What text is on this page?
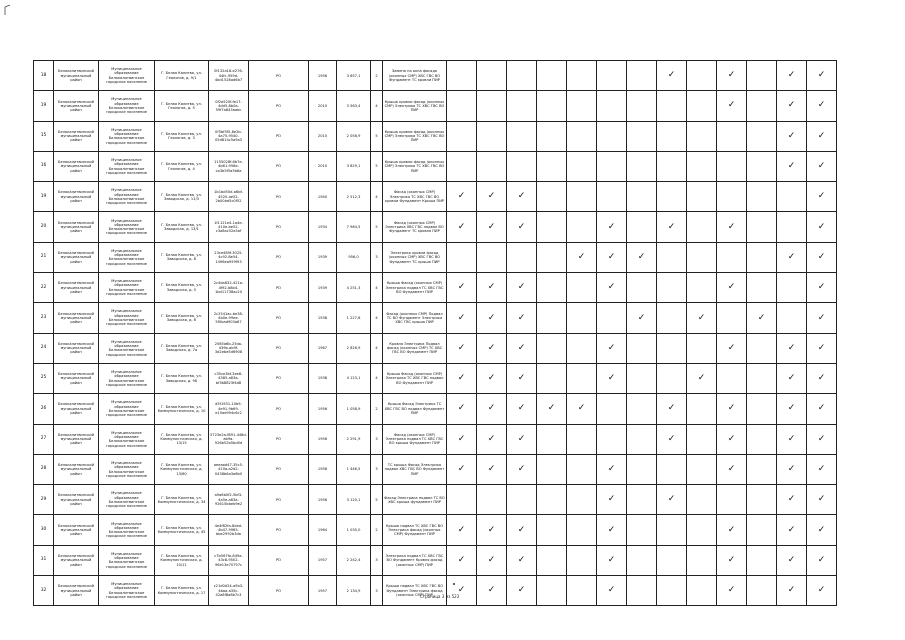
18	Белокалитвинский муниципальный район	Муниципальное образование Белокалитвинское городское поселение	Г. Белая Калитва, ул. Геологов, д. 9/1	0f132a18-e276-44fc-959d-4bd1528ad6b7	РО	1956	3 657,1	2	Замена на окна фасада (оконных СМР) ХВС ГВС ВО Фундамент ТС кровли ПИР								✓		✓		✓	✓
19	Белокалитвинский муниципальный район	Муниципальное образование Белокалитвинское городское поселение	Г. Белая Калитва, ул. Геологов, д. 5	0f2a520f-fe17-4dd5-8b0a-59f7a845aabc	РО	2010	3 563,4	4	Крыша кровли фасад (оконных СМР) Электрика ТС ХВС ГВС ВО ПИР										✓		✓	✓
15	Белокалитвинский муниципальный район	Муниципальное образование Белокалитвинское городское поселение	Г. Белая Калитва, ул. Геологов, д. 3	0f5bf3f5-8e2b-4a75-9540-05d814c5a9a3	РО	2010	2 058,9	5	Крыша кровли фасад (оконных СМР) Электрика ТС ХВС ГВС ВО ПИР												✓	✓
16	Белокалитвинский муниципальный район	Муниципальное образование Белокалитвинское городское поселение	Г. Белая Калитва, ул. Геологов, д. 4	1155028f-6b7e-4b61-958e-ca3b5f5a5b8a	РО	2010	3 829,1	5	Крыша кровли фасад (оконных СМР) Электрика ТС ХВС ГВС ВО ПИР												✓	✓
19	Белокалитвинский муниципальный район	Муниципальное образование Белокалитвинское городское поселение	Г. Белая Калитва, ул. Заводская, д. 11/3	1b1bd50d-a6bf-4520-ae52-2b00bd5c0f52	РО	1940	2 512,3	4	Фасад (оконных СМР) Электрика ТС ХВС ГВС ВО кровли Фундамент Крыша ПИР	✓	✓	✓										✓
20	Белокалитвинский муниципальный район	Муниципальное образование Белокалитвинское городское поселение	Г. Белая Калитва, ул. Заводская, д. 13/1	1f1121e4-1a4e-410e-be52-c3a8ac52a5af	РО	1934	7 964,5	5	Фасад (оконных СМР) Электрика ХВС ГВС подвал ВО Фундамент ТС кровля ПИР	✓	✓	✓			✓		✓		✓			✓
21	Белокалитвинский муниципальный район	Муниципальное образование Белокалитвинское городское поселение	Г. Белая Калитва, ул. Заводская, д. 8	23ce489f-3025-4c92-8e54-1496ea959f93	РО	1939	956,0	3	Электрика кровли фасад (оконных СМР) ХВС ГВС ВО Фундамент ТС крыша ПИР					✓	✓	✓					✓	✓
22	Белокалитвинский муниципальный район	Муниципальное образование Белокалитвинское городское поселение	Г. Белая Калитва, ул. Заводская, д. 5	2c4da632-421a-4f92-b8b4-1bd11738ac20	РО	1939	4 251,3	4	Крыша Фасад (оконных СМР) Электрика подвал ТС ХВС ГВС ВО Фундамент ПИР	✓	✓	✓			✓				✓			✓
23	Белокалитвинский муниципальный район	Муниципальное образование Белокалитвинское городское поселение	Г. Белая Калитва, ул. Заводская, д. 6	2c2541ac-be38-4b0e-99ee-5f0bad903a67	РО	1938	1 227,8	4	Фасад (оконных СМР) Подвал ТС ВО Фундамент Электрика ХВС ГВС крыша ПИР	✓	✓	✓				✓		✓		✓		✓
24	Белокалитвинский муниципальный район	Муниципальное образование Белокалитвинское городское поселение	Г. Белая Калитва, ул. Заводская, д. 7а	2565a6b-25da-439b-ab9f-3d2ebe5d6908	РО	1967	2 826,9	4	Кровля Электрика Подвал фасад (оконных СМР) ТС ХВС ГВС ВО Фундамент ПИР	✓	✓	✓			✓				✓		✓	✓
25	Белокалитвинский муниципальный район	Муниципальное образование Белокалитвинское городское поселение	Г. Белая Калитва, ул. Заводская, д. 9Б	c35ce3bf-3ee8-4385-a83a-bf3b8823f4d8	РО	1938	4 123,1	4	Крыша Фасад (оконных СМР) Электрика ТС ХВС ГВС подвал ВО Фундамент ПИР	✓	✓	✓			✓			✓			✓	✓
26	Белокалитвинский муниципальный район	Муниципальное образование Белокалитвинское городское поселение	Г. Белая Калитва, ул. Коммунистическая, д. 10	d5f1931-10b9-4e91-9b69-e15ae994c6c2	РО	1956	1 058,9	2	Крыша Фасад Электрика ТС ХВС ГВС ВО подвал Фундамент ПИР	✓	✓	✓	✓	✓			✓		✓		✓	✓
27	Белокалитвинский муниципальный район	Муниципальное образование Белокалитвинское городское поселение	Г. Белая Калитва, ул. Коммунистическая, д. 13/15	5723e2a-f891-448d-ab9a-926b52b5bd0d	РО	1956	2 291,9	3	Фасад (оконных СМР) Электрика подвал ТС ХВС ГВС ВО крыша Фундамент ПИР	✓	✓	✓					✓		✓		✓	✓
28	Белокалитвинский муниципальный район	Муниципальное образование Белокалитвинское городское поселение	Г. Белая Калитва, ул. Коммунистическая, д. 13/60	aeeaad47-35c5-410a-a2d2-0438b6a3a6b0	РО	1958	1 446,5	3	ТС крыша Фасад Электрика подвал ХВС ГВС ВО Фундамент ПИР	✓	✓	✓			✓				✓		✓	✓
29	Белокалитвинский муниципальный район	Муниципальное образование Белокалитвинское городское поселение	Г. Белая Калитва, ул. Коммунистическая, д. 34	a9a6b0f2-5bf3-4a5e-a63a-92615bbeb9e2	РО	1956	3 120,1	5	Фасад Электрика подвал ТС ВО ХВС крыша фундамент ПИР						✓		✓				✓	✓
30	Белокалитвинский муниципальный район	Муниципальное образование Белокалитвинское городское поселение	Г. Белая Калитва, ул. Коммунистическая, д. 45	4e4f82fa-8ded-4b47-9985-bbe2992b3da	РО	1964	1 035,0	2	Крыша подвал ТС ХВС ГВС ВО Электрика фасад (оконных СМР) Фундамент ПИР	✓	✓	✓			✓				✓		✓	✓
31	Белокалитвинский муниципальный район	Муниципальное образование Белокалитвинское городское поселение	Г. Белая Калитва, ул. Коммунистическая, д. 10/11	c7b567fa-849a-43c8-9502-96e13e70797c	РО	1957	2 242,4	3	Электрика подвал ТС ХВС ГВС ВО Фундамент Кровля фасад (оконных СМР) ПИР	✓	✓	✓			✓				✓		✓	✓
32	Белокалитвинский муниципальный район	Муниципальное образование Белокалитвинское городское поселение	Г. Белая Калитва, ул. Коммунистическая, д. 17	c21d0d24-a5b3-4baa-a35c-42a8f8a8b7c3	РО	1957	2 134,9	3	Крыша подвал ТС ХВС ГВС ВО Фундамент Электрика фасад (оконных СМР) ПИР	✓	✓	✓			✓				✓		✓	✓
Страница 3 из 523
